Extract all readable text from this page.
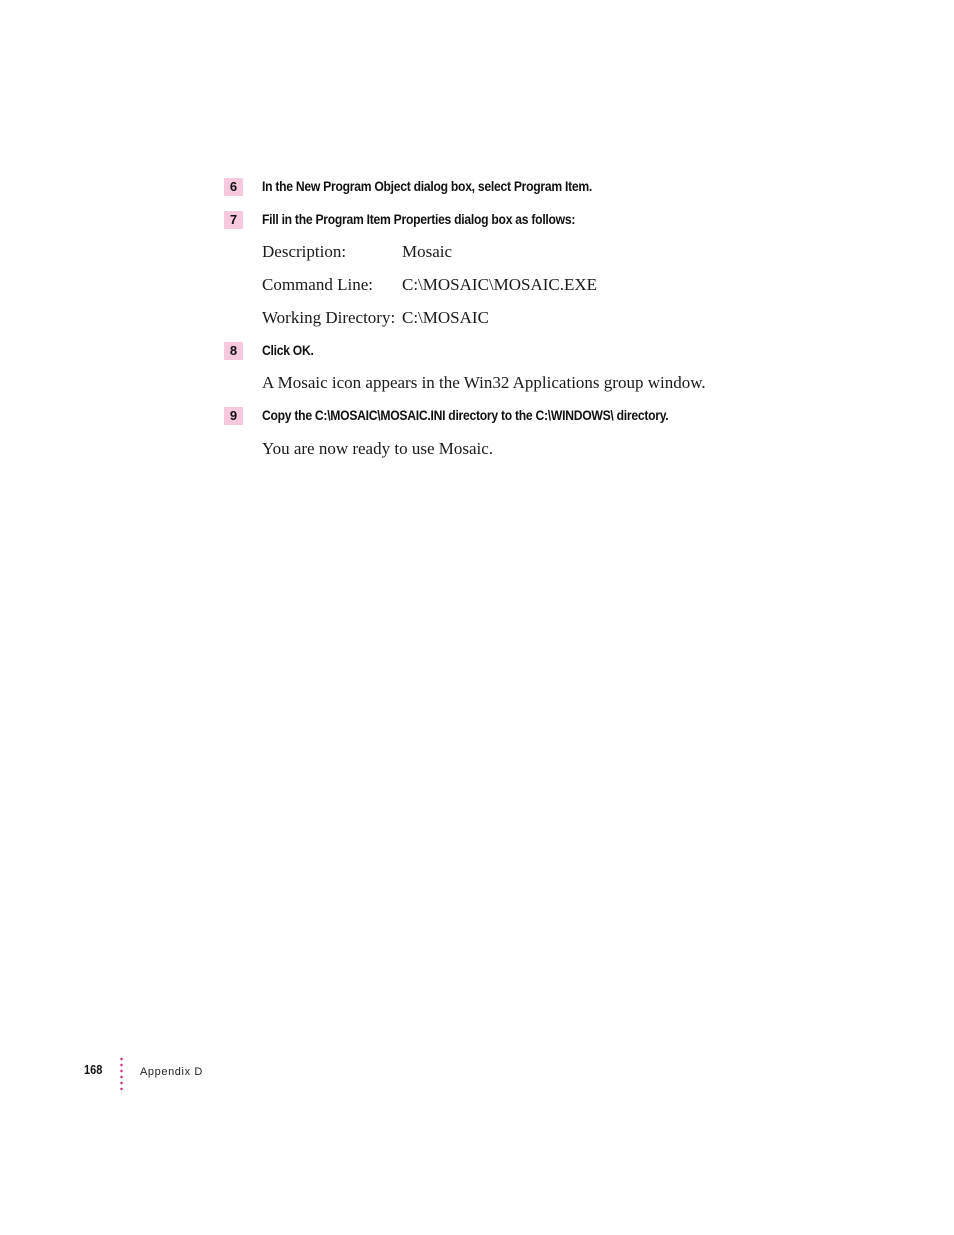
6	In the New Program Object dialog box, select Program Item.
7	Fill in the Program Item Properties dialog box as follows:
Description:	Mosaic
Command Line: C:\MOSAIC\MOSAIC.EXE
Working Directory: C:\MOSAIC
8	Click OK.
A Mosaic icon appears in the Win32 Applications group window.
9	Copy the C:\MOSAIC\MOSAIC.INI directory to the C:\WINDOWS\ directory.
You are now ready to use Mosaic.
168	Appendix D
